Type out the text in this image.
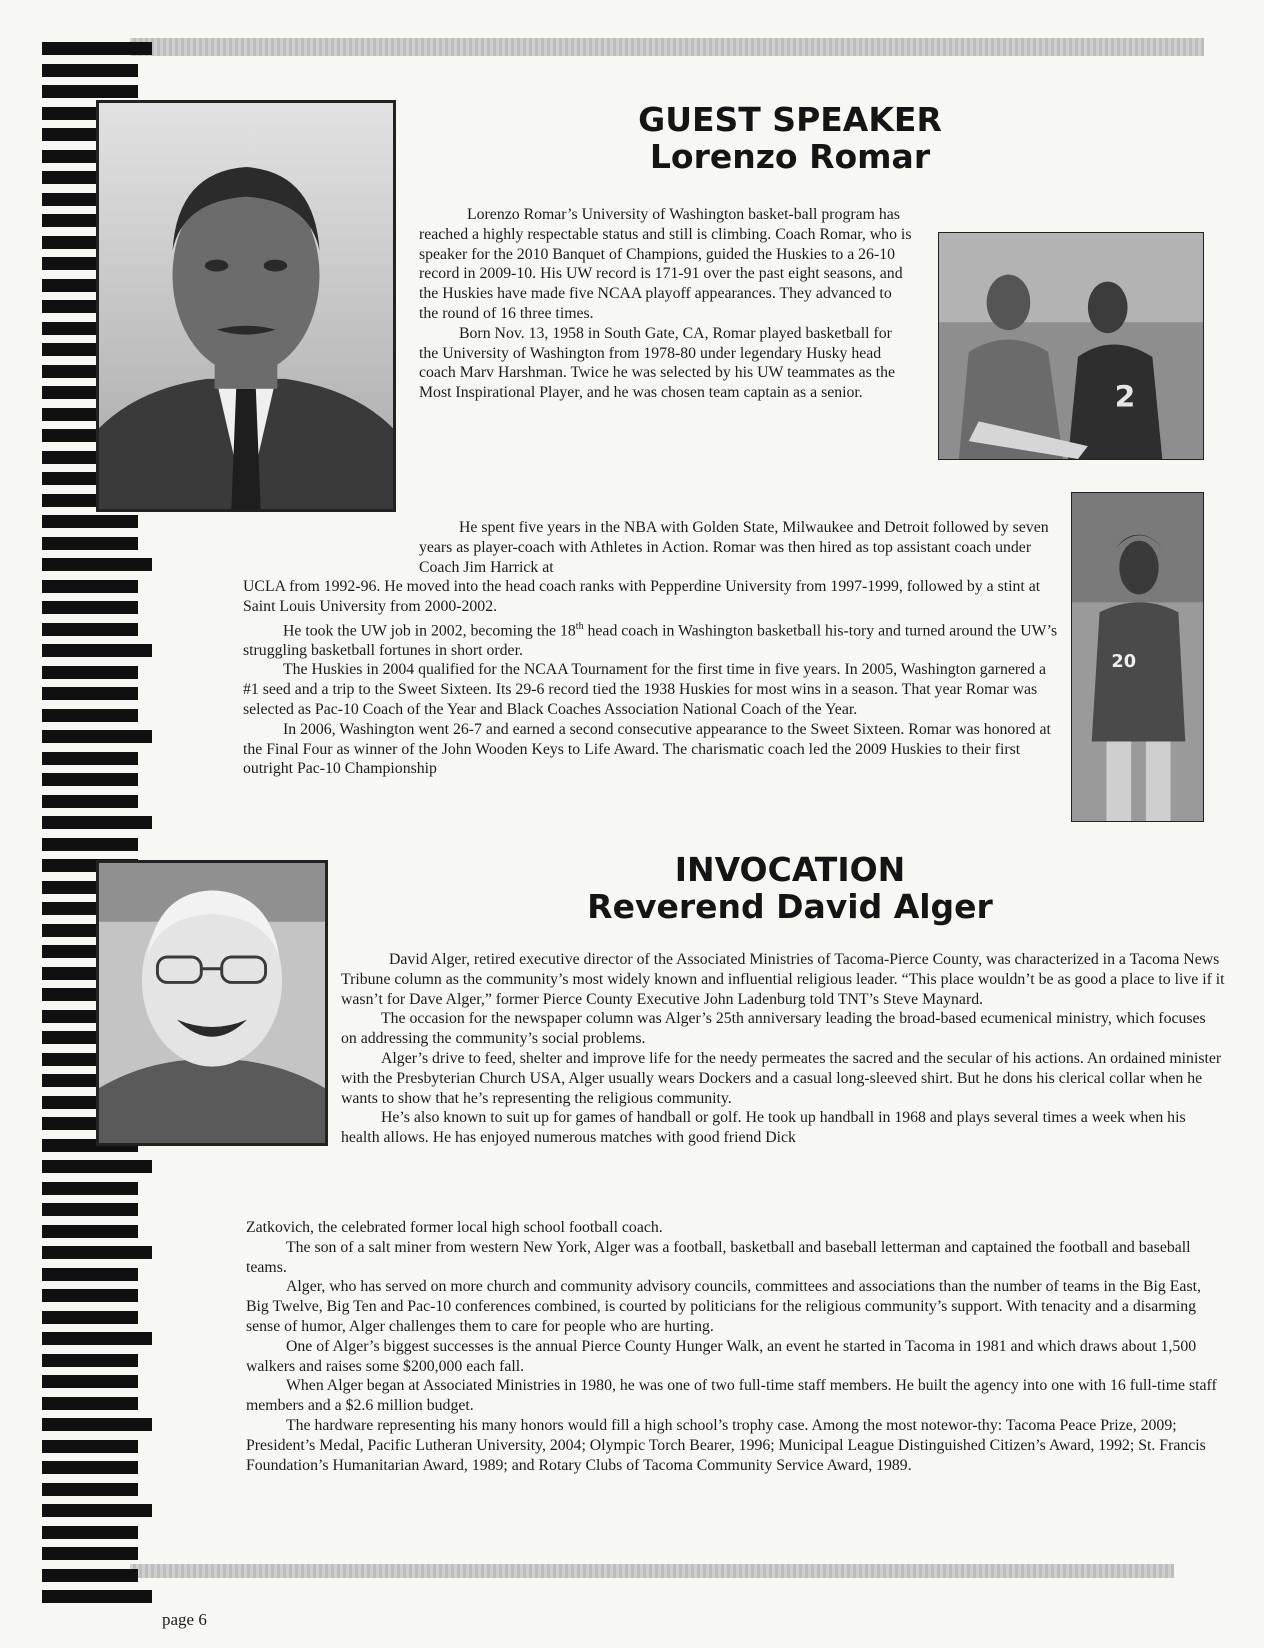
2
20
GUEST SPEAKER
Lorenzo Romar
INVOCATION
Reverend David Alger

Lorenzo Romar’s University of Washington basket-ball program has reached a highly respectable status and still is climbing. Coach Romar, who is speaker for the 2010 Banquet of Champions, guided the Huskies to a 26-10 record in 2009-10. His UW record is 171-91 over the past eight seasons, and the Huskies have made five NCAA playoff appearances. They advanced to the round of 16 three times.

Born Nov. 13, 1958 in South Gate, CA, Romar played basketball for the University of Washington from 1978-80 under legendary Husky head coach Marv Harshman. Twice he was selected by his UW teammates as the Most Inspirational Player, and he was chosen team captain as a senior.

He spent five years in the NBA with Golden State, Milwaukee and Detroit followed by seven years as player-coach with Athletes in Action. Romar was then hired as top assistant coach under Coach Jim Harrick at

UCLA from 1992-96. He moved into the head coach ranks with Pepperdine University from 1997-1999, followed by a stint at Saint Louis University from 2000-2002.

He took the UW job in 2002, becoming the 18th head coach in Washington basketball his-tory and turned around the UW’s struggling basketball fortunes in short order.

The Huskies in 2004 qualified for the NCAA Tournament for the first time in five years. In 2005, Washington garnered a #1 seed and a trip to the Sweet Sixteen. Its 29-6 record tied the 1938 Huskies for most wins in a season. That year Romar was selected as Pac-10 Coach of the Year and Black Coaches Association National Coach of the Year.

In 2006, Washington went 26-7 and earned a second consecutive appearance to the Sweet Sixteen. Romar was honored at the Final Four as winner of the John Wooden Keys to Life Award. The charismatic coach led the 2009 Huskies to their first outright Pac-10 Championship

David Alger, retired executive director of the Associated Ministries of Tacoma-Pierce County, was characterized in a Tacoma News Tribune column as the community’s most widely known and influential religious leader. “This place wouldn’t be as good a place to live if it wasn’t for Dave Alger,” former Pierce County Executive John Ladenburg told TNT’s Steve Maynard.

The occasion for the newspaper column was Alger’s 25th anniversary leading the broad-based ecumenical ministry, which focuses on addressing the community’s social problems.

Alger’s drive to feed, shelter and improve life for the needy permeates the sacred and the secular of his actions. An ordained minister with the Presbyterian Church USA, Alger usually wears Dockers and a casual long-sleeved shirt. But he dons his clerical collar when he wants to show that he’s representing the religious community.

He’s also known to suit up for games of handball or golf. He took up handball in 1968 and plays several times a week when his health allows. He has enjoyed numerous matches with good friend Dick

Zatkovich, the celebrated former local high school football coach.

The son of a salt miner from western New York, Alger was a football, basketball and baseball letterman and captained the football and baseball teams.

Alger, who has served on more church and community advisory councils, committees and associations than the number of teams in the Big East, Big Twelve, Big Ten and Pac-10 conferences combined, is courted by politicians for the religious community’s support. With tenacity and a disarming sense of humor, Alger challenges them to care for people who are hurting.

One of Alger’s biggest successes is the annual Pierce County Hunger Walk, an event he started in Tacoma in 1981 and which draws about 1,500 walkers and raises some $200,000 each fall.

When Alger began at Associated Ministries in 1980, he was one of two full-time staff members. He built the agency into one with 16 full-time staff members and a $2.6 million budget.

The hardware representing his many honors would fill a high school’s trophy case. Among the most notewor-thy: Tacoma Peace Prize, 2009; President’s Medal, Pacific Lutheran University, 2004; Olympic Torch Bearer, 1996; Municipal League Distinguished Citizen’s Award, 1992; St. Francis Foundation’s Humanitarian Award, 1989; and Rotary Clubs of Tacoma Community Service Award, 1989.

page 6
